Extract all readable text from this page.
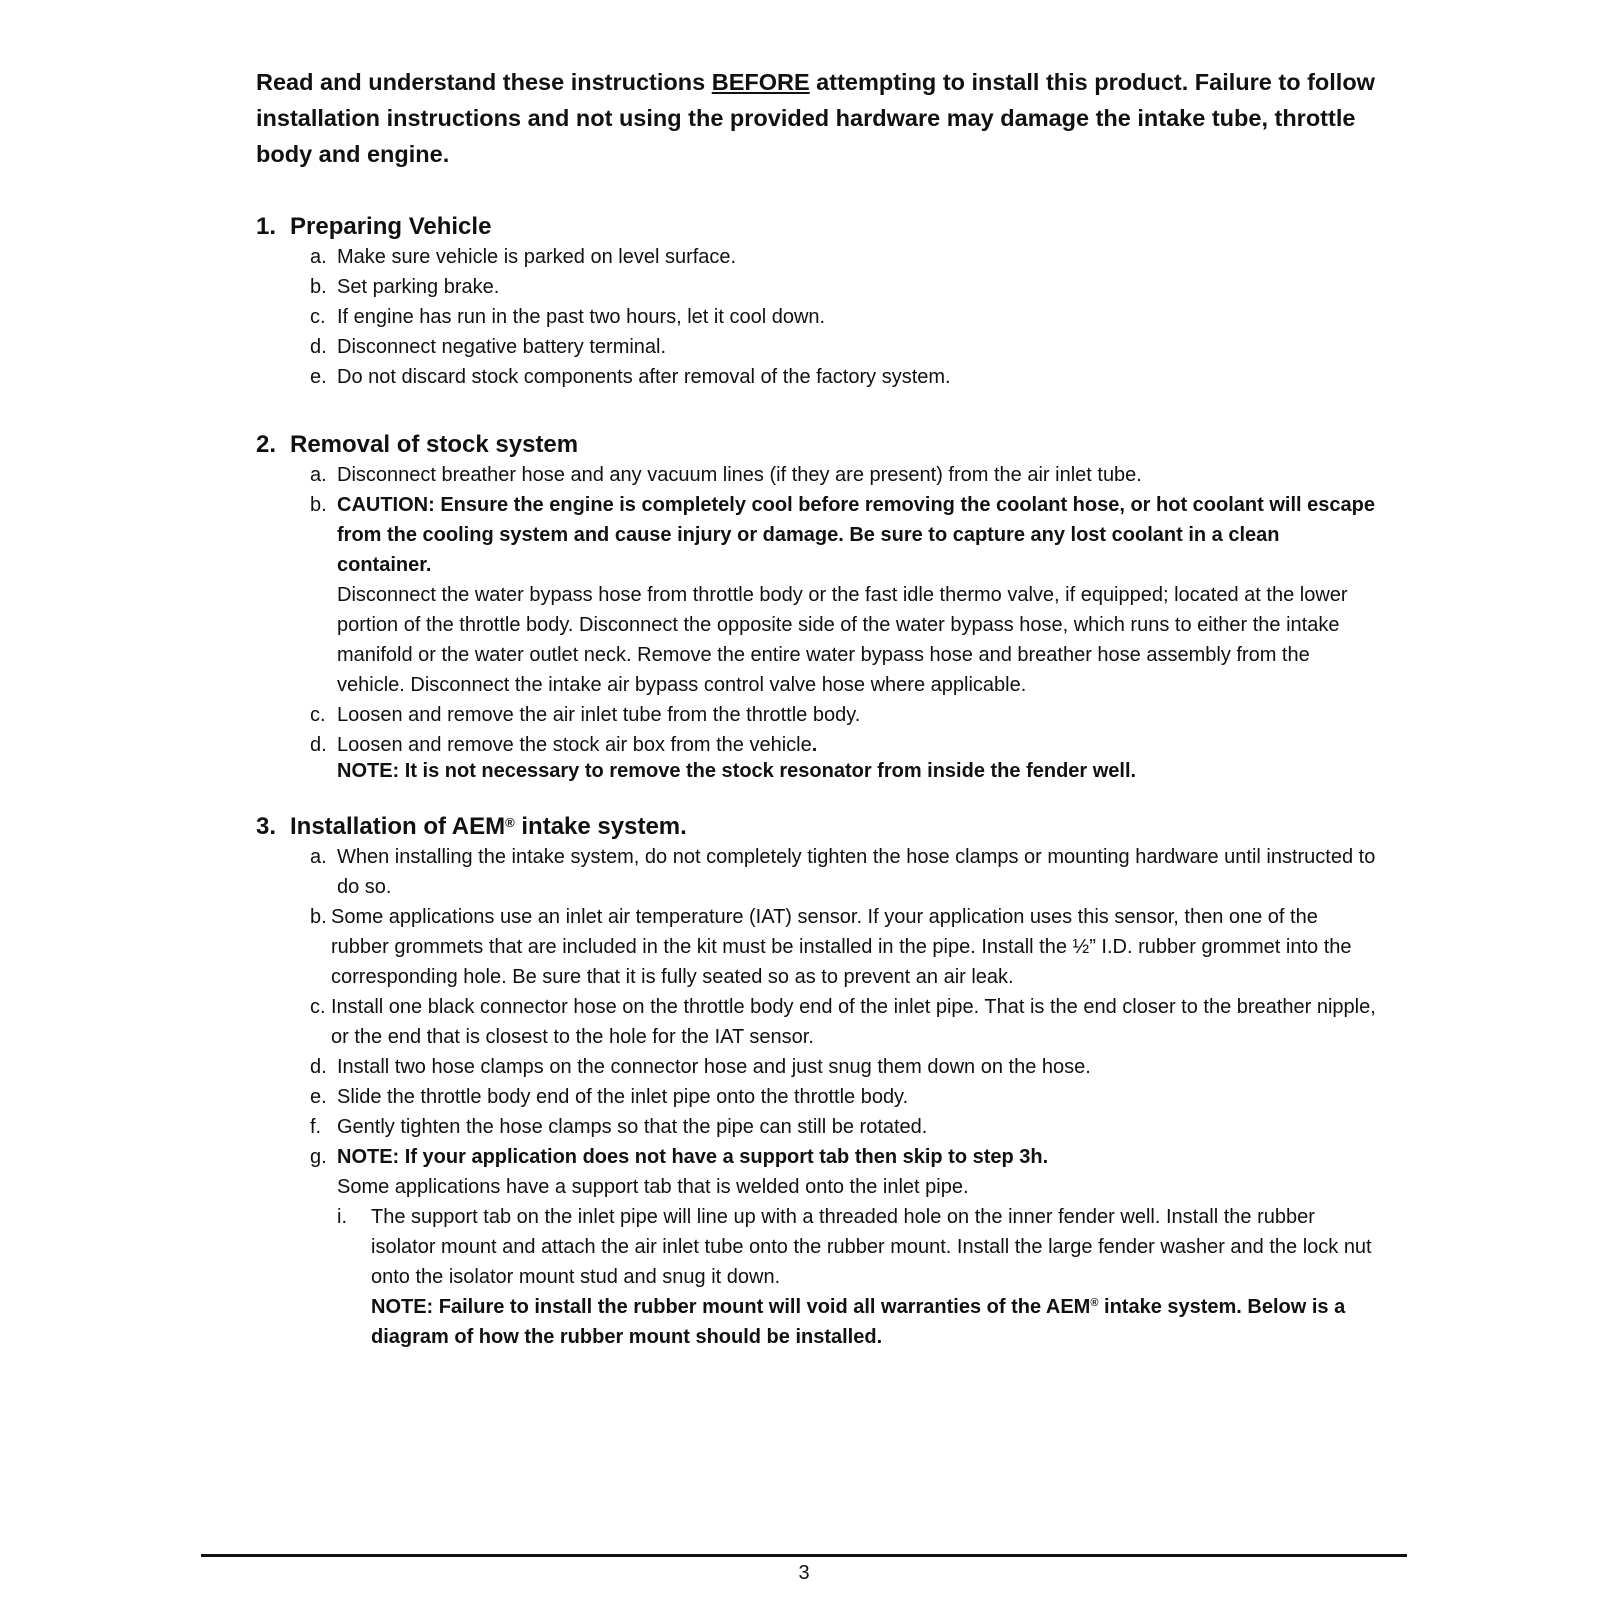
Read and understand these instructions BEFORE attempting to install this product. Failure to follow installation instructions and not using the provided hardware may damage the intake tube, throttle body and engine.

1. Preparing Vehicle
a. Make sure vehicle is parked on level surface.
b. Set parking brake.
c. If engine has run in the past two hours, let it cool down.
d. Disconnect negative battery terminal.
e. Do not discard stock components after removal of the factory system.
2. Removal of stock system
a. Disconnect breather hose and any vacuum lines (if they are present) from the air inlet tube.
b. CAUTION: Ensure the engine is completely cool before removing the coolant hose, or hot coolant will escape from the cooling system and cause injury or damage. Be sure to capture any lost coolant in a clean container.
Disconnect the water bypass hose from throttle body or the fast idle thermo valve, if equipped; located at the lower portion of the throttle body. Disconnect the opposite side of the water bypass hose, which runs to either the intake manifold or the water outlet neck. Remove the entire water bypass hose and breather hose assembly from the vehicle. Disconnect the intake air bypass control valve hose where applicable.
c. Loosen and remove the air inlet tube from the throttle body.
d. Loosen and remove the stock air box from the vehicle.
NOTE: It is not necessary to remove the stock resonator from inside the fender well.
3. Installation of AEM® intake system.
a. When installing the intake system, do not completely tighten the hose clamps or mounting hardware until instructed to do so.
b. Some applications use an inlet air temperature (IAT) sensor. If your application uses this sensor, then one of the rubber grommets that are included in the kit must be installed in the pipe. Install the ½” I.D. rubber grommet into the corresponding hole. Be sure that it is fully seated so as to prevent an air leak.
c. Install one black connector hose on the throttle body end of the inlet pipe. That is the end closer to the breather nipple, or the end that is closest to the hole for the IAT sensor.
d. Install two hose clamps on the connector hose and just snug them down on the hose.
e. Slide the throttle body end of the inlet pipe onto the throttle body.
f. Gently tighten the hose clamps so that the pipe can still be rotated.
g. NOTE: If your application does not have a support tab then skip to step 3h.
Some applications have a support tab that is welded onto the inlet pipe.
i.	The support tab on the inlet pipe will line up with a threaded hole on the inner fender well. Install the rubber isolator mount and attach the air inlet tube onto the rubber mount. Install the large fender washer and the lock nut onto the isolator mount stud and snug it down.
NOTE: Failure to install the rubber mount will void all warranties of the AEM® intake system. Below is a diagram of how the rubber mount should be installed.
3
